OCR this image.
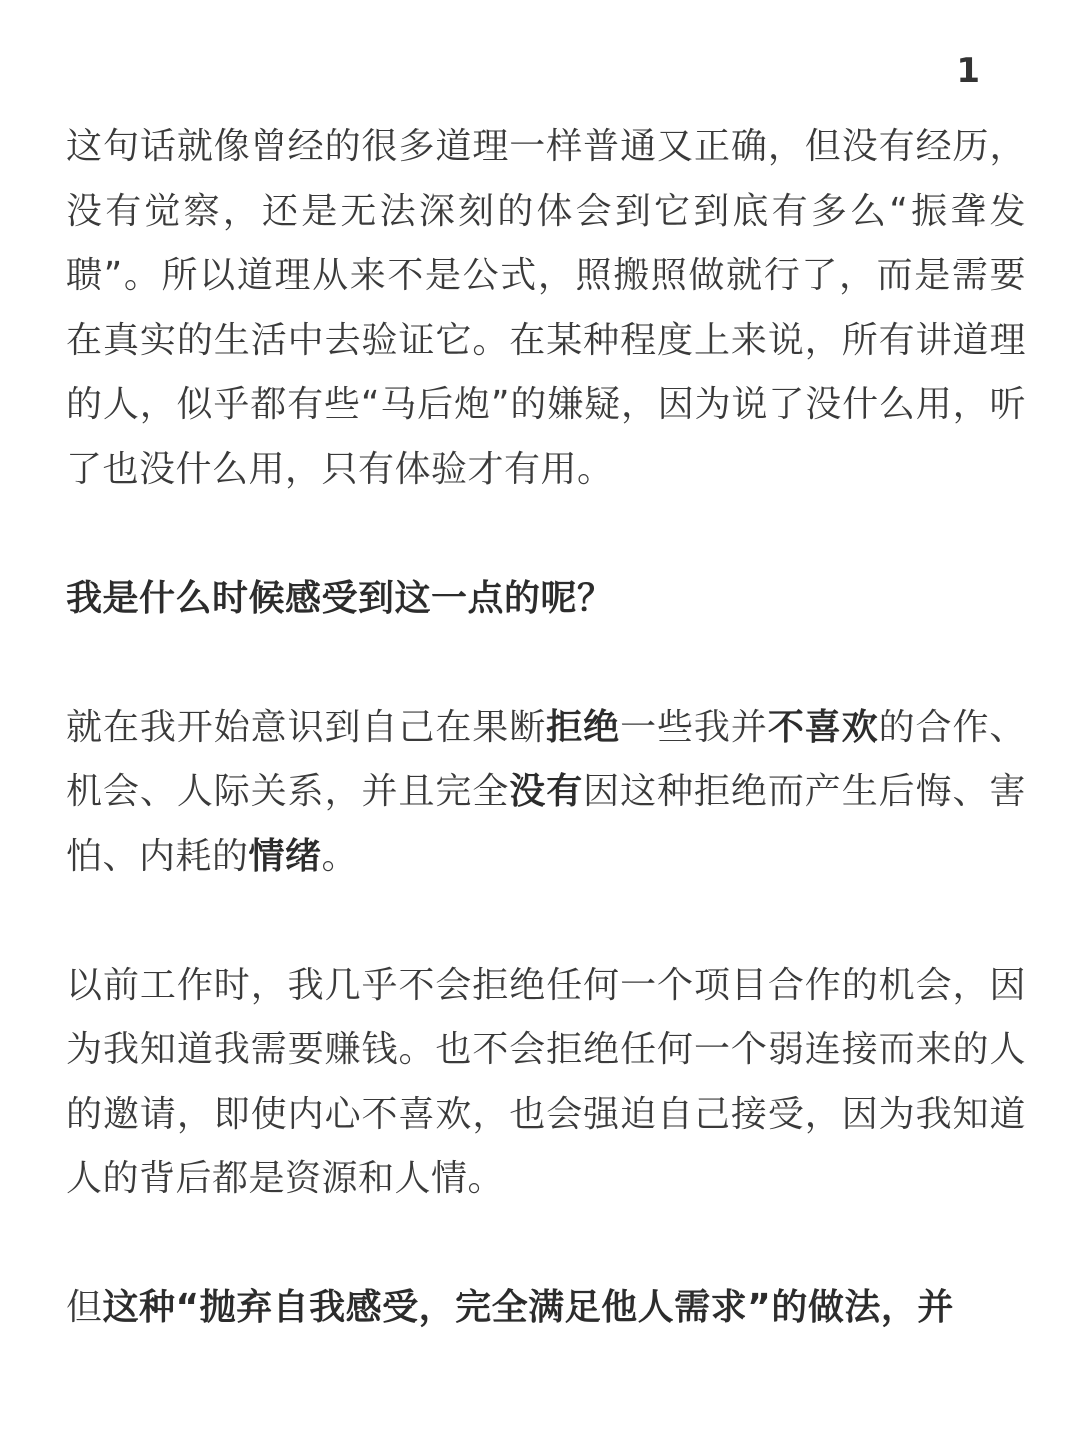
1

这句话就像曾经的很多道理一样普通又正确，但没有经历，没有觉察，还是无法深刻的体会到它到底有多么“振聋发聩”。所以道理从来不是公式，照搬照做就行了，而是需要在真实的生活中去验证它。在某种程度上来说，所有讲道理的人，似乎都有些“马后炮”的嫌疑，因为说了没什么用，听了也没什么用，只有体验才有用。

我是什么时候感受到这一点的呢？

就在我开始意识到自己在果断拒绝一些我并不喜欢的合作、机会、人际关系，并且完全没有因这种拒绝而产生后悔、害怕、内耗的情绪。

以前工作时，我几乎不会拒绝任何一个项目合作的机会，因为我知道我需要赚钱。也不会拒绝任何一个弱连接而来的人的邀请，即使内心不喜欢，也会强迫自己接受，因为我知道人的背后都是资源和人情。

但这种“抛弃自我感受，完全满足他人需求”的做法，并
